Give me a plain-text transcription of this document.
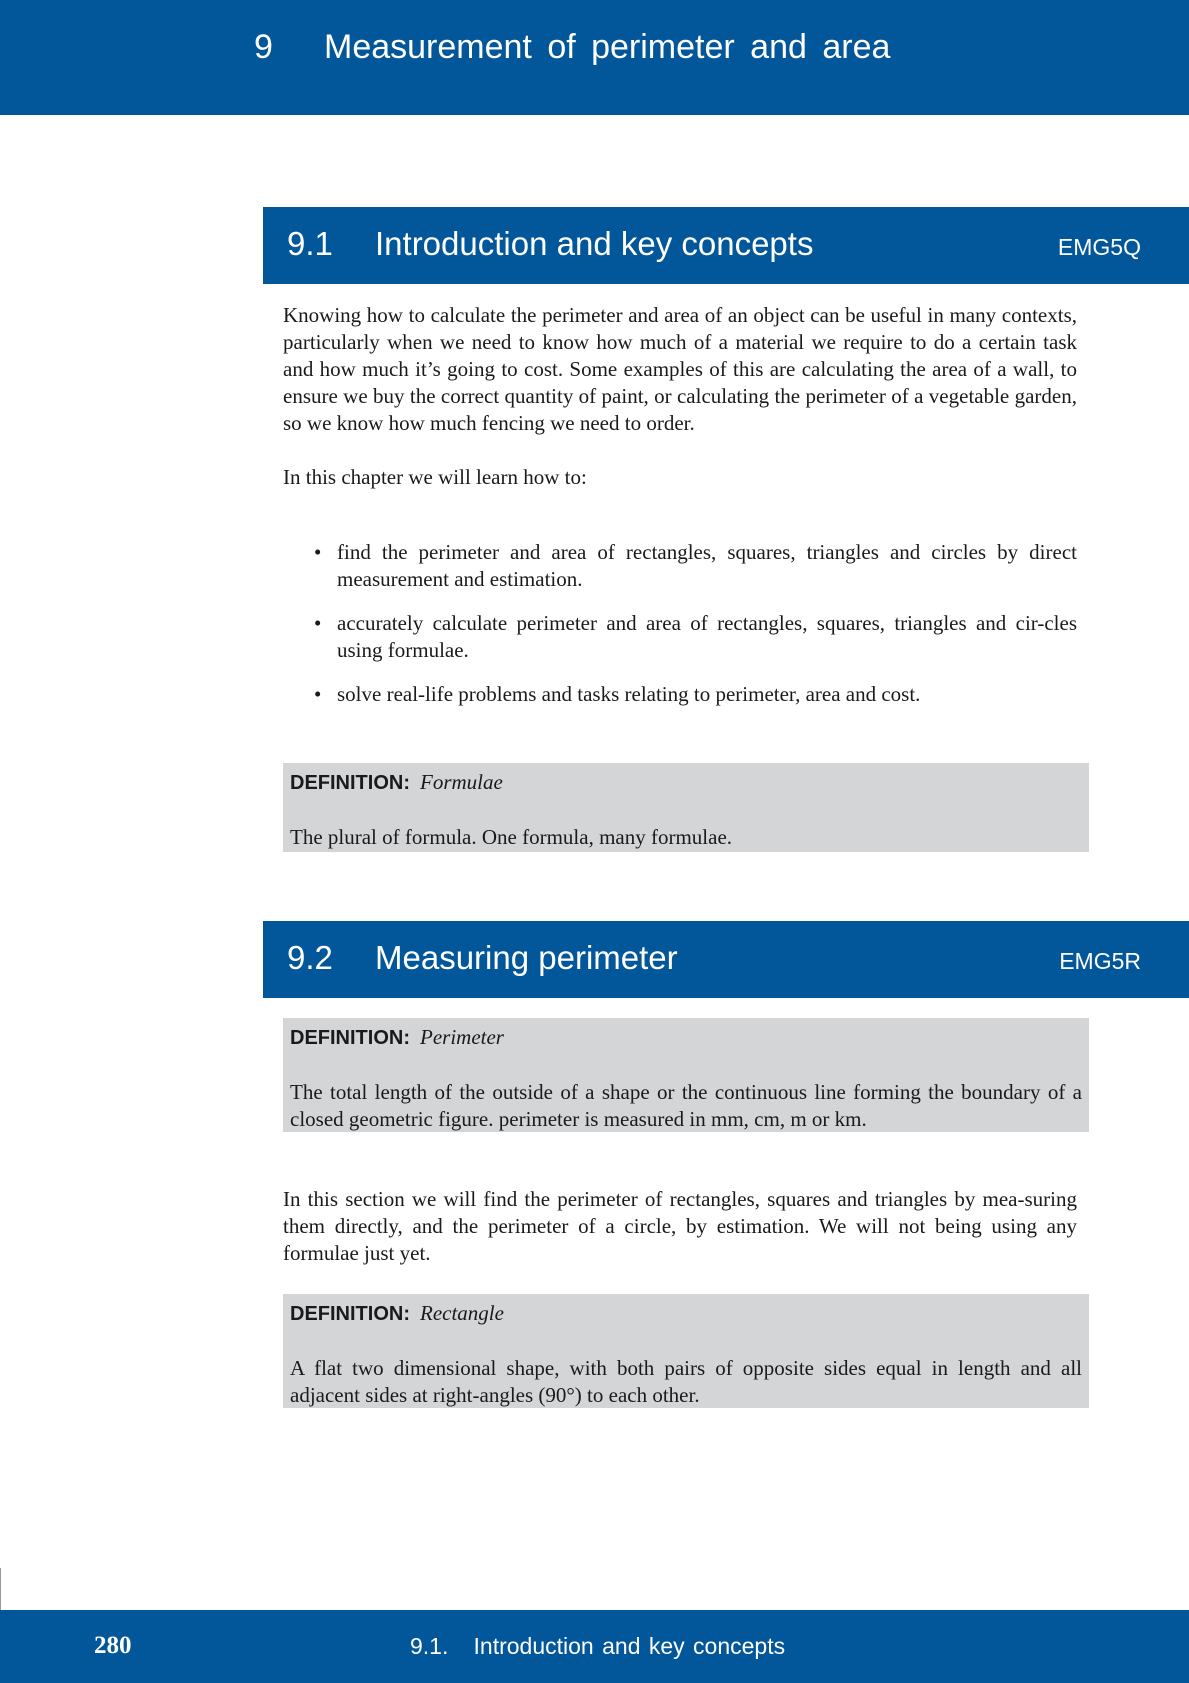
9 Measurement of perimeter and area
9.1 Introduction and key concepts	EMG5Q

Knowing how to calculate the perimeter and area of an object can be useful in many contexts, particularly when we need to know how much of a material we require to do a certain task and how much it’s going to cost. Some examples of this are calculating the area of a wall, to ensure we buy the correct quantity of paint, or calculating the perimeter of a vegetable garden, so we know how much fencing we need to order.

In this chapter we will learn how to:

• find the perimeter and area of rectangles, squares, triangles and circles by direct measurement and estimation.
• accurately calculate perimeter and area of rectangles, squares, triangles and cir-cles using formulae.
• solve real-life problems and tasks relating to perimeter, area and cost.
DEFINITION: Formulae
The plural of formula. One formula, many formulae.
9.2 Measuring perimeter	EMG5R
DEFINITION: Perimeter
The total length of the outside of a shape or the continuous line forming the boundary of a closed geometric figure. perimeter is measured in mm, cm, m or km.

In this section we will find the perimeter of rectangles, squares and triangles by mea-suring them directly, and the perimeter of a circle, by estimation. We will not being using any formulae just yet.

DEFINITION: Rectangle
A flat two dimensional shape, with both pairs of opposite sides equal in length and all adjacent sides at right-angles (90°) to each other.
280	9.1.   Introduction and key concepts
